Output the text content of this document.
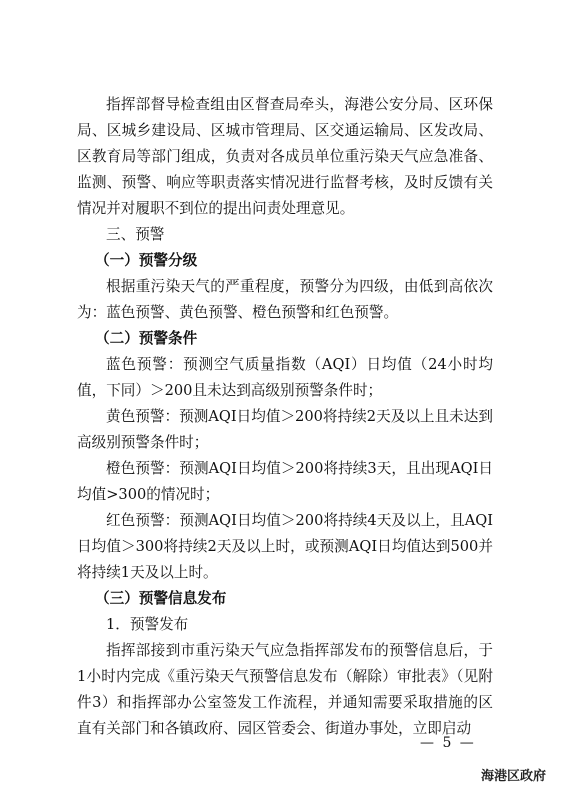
指挥部督导检查组由区督查局牵头，海港公安分局、区环保局、区城乡建设局、区城市管理局、区交通运输局、区发改局、区教育局等部门组成，负责对各成员单位重污染天气应急准备、监测、预警、响应等职责落实情况进行监督考核，及时反馈有关情况并对履职不到位的提出问责处理意见。

三、预警

（一）预警分级

根据重污染天气的严重程度，预警分为四级，由低到高依次为：蓝色预警、黄色预警、橙色预警和红色预警。

（二）预警条件

蓝色预警：预测空气质量指数（AQI）日均值（24小时均值，下同）＞200且未达到高级别预警条件时；

黄色预警：预测AQI日均值＞200将持续2天及以上且未达到高级别预警条件时；

橙色预警：预测AQI日均值＞200将持续3天，且出现AQI日均值>300的情况时；

红色预警：预测AQI日均值＞200将持续4天及以上，且AQI日均值＞300将持续2天及以上时，或预测AQI日均值达到500并将持续1天及以上时。

（三）预警信息发布

1．预警发布

指挥部接到市重污染天气应急指挥部发布的预警信息后，于1小时内完成《重污染天气预警信息发布（解除）审批表》（见附件3）和指挥部办公室签发工作流程，并通知需要采取措施的区直有关部门和各镇政府、园区管委会、街道办事处，立即启动

— 5 —
海港区政府
